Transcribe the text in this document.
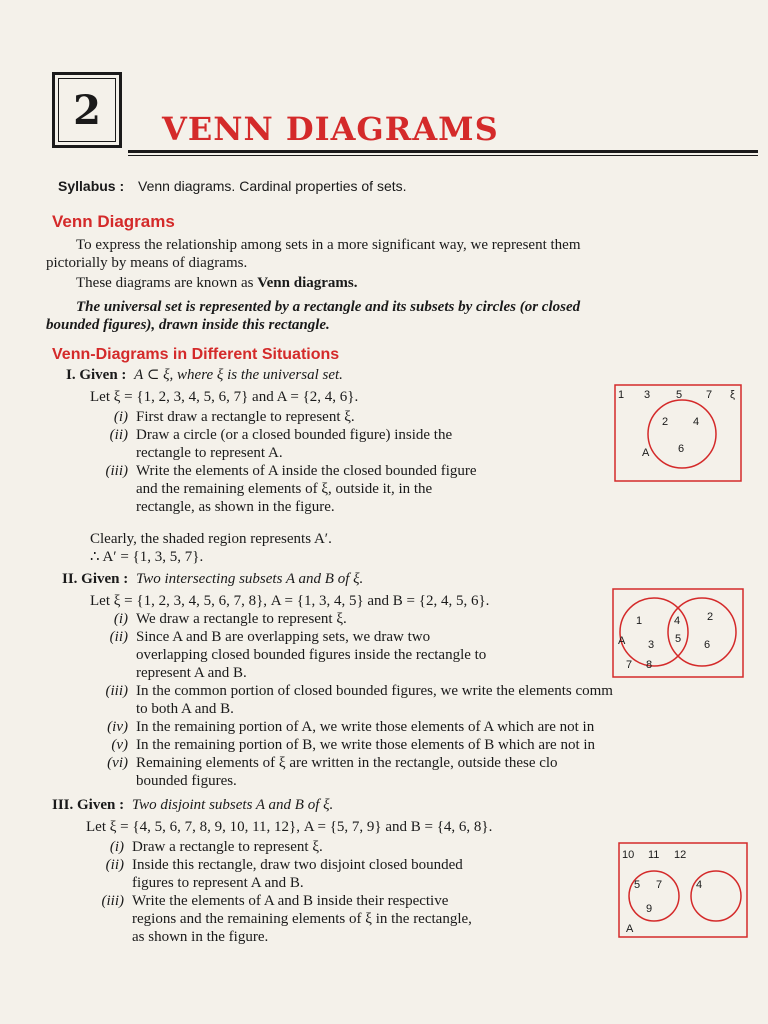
2	VENN DIAGRAMS
Syllabus : Venn diagrams. Cardinal properties of sets.
Venn Diagrams
To express the relationship among sets in a more significant way, we represent them
pictorially by means of diagrams.
These diagrams are known as Venn diagrams.
The universal set is represented by a rectangle and its subsets by circles (or closed
bounded figures), drawn inside this rectangle.
Venn-Diagrams in Different Situations
I. Given : A ⊂ ξ, where ξ is the universal set.
Let ξ = {1, 2, 3, 4, 5, 6, 7} and A = {2, 4, 6}.
(i) First draw a rectangle to represent ξ.
(ii) Draw a circle (or a closed bounded figure) inside the
rectangle to represent A.
(iii) Write the elements of A inside the closed bounded figure
and the remaining elements of ξ, outside it, in the
rectangle, as shown in the figure.
Clearly, the shaded region represents A′.
∴ A′ = {1, 3, 5, 7}.
II. Given : Two intersecting subsets A and B of ξ.
Let ξ = {1, 2, 3, 4, 5, 6, 7, 8}, A = {1, 3, 4, 5} and B = {2, 4, 5, 6}.
(i) We draw a rectangle to represent ξ.
(ii) Since A and B are overlapping sets, we draw two
overlapping closed bounded figures inside the rectangle to
represent A and B.
(iii) In the common portion of closed bounded figures, we write the elements comm
to both A and B.
(iv) In the remaining portion of A, we write those elements of A which are not in
(v) In the remaining portion of B, we write those elements of B which are not in
(vi) Remaining elements of ξ are written in the rectangle, outside these clo
bounded figures.
III. Given : Two disjoint subsets A and B of ξ.
Let ξ = {4, 5, 6, 7, 8, 9, 10, 11, 12}, A = {5, 7, 9} and B = {4, 6, 8}.
(i) Draw a rectangle to represent ξ.
(ii) Inside this rectangle, draw two disjoint closed bounded
figures to represent A and B.
(iii) Write the elements of A and B inside their respective
regions and the remaining elements of ξ in the rectangle,
as shown in the figure.
1 3 5 7 ξ
2 4
6
A
1
3
4
5
2
6
A
7 8
10 11 12
5 7
9
4
A
